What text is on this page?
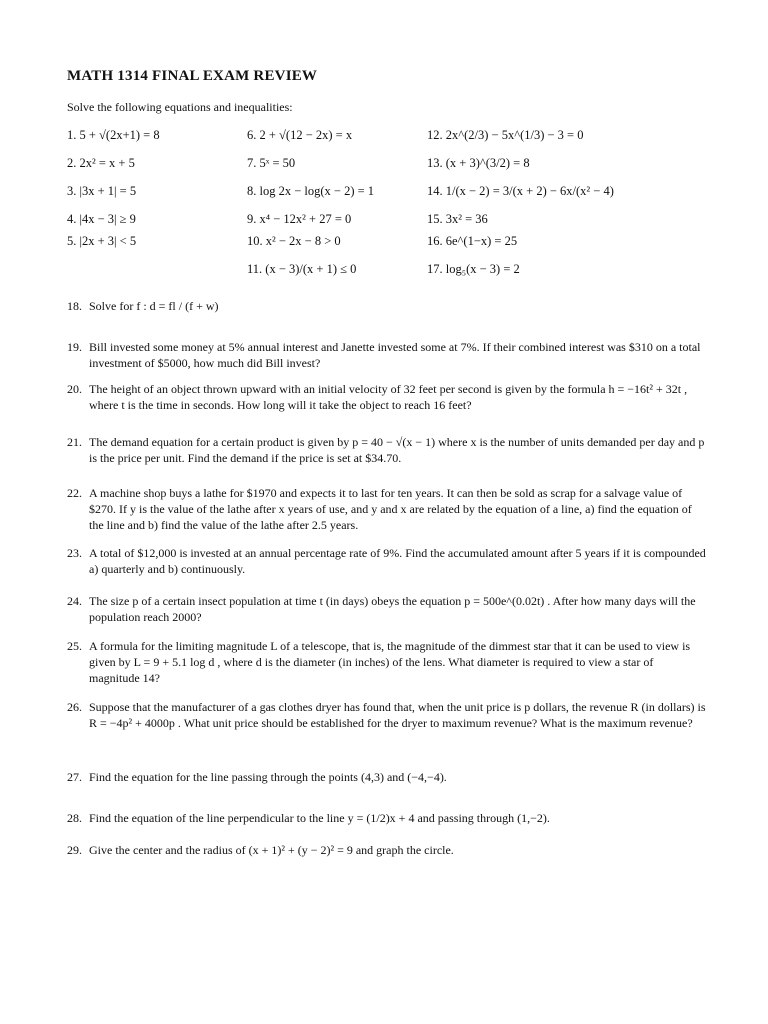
MATH 1314 FINAL EXAM REVIEW
Solve the following equations and inequalities:
1. 5 + √(2x+1) = 8
2. 2x² = x + 5
3. |3x + 1| = 5
4. |4x − 3| ≥ 9
5. |2x + 3| < 5
6. 2 + √(12 − 2x) = x
7. 5ˣ = 50
8. log 2x − log(x − 2) = 1
9. x⁴ − 12x² + 27 = 0
10. x² − 2x − 8 > 0
11. (x − 3)/(x + 1) ≤ 0
12. 2x^(2/3) − 5x^(1/3) − 3 = 0
13. (x + 3)^(3/2) = 8
14. 1/(x − 2) = 3/(x + 2) − 6x/(x² − 4)
15. 3x² = 36
16. 6e^(1−x) = 25
17. log₅(x − 3) = 2
18. Solve for f : d = fl / (f + w)
19. Bill invested some money at 5% annual interest and Janette invested some at 7%. If their combined interest was $310 on a total investment of $5000, how much did Bill invest?
20. The height of an object thrown upward with an initial velocity of 32 feet per second is given by the formula h = −16t² + 32t , where t is the time in seconds. How long will it take the object to reach 16 feet?
21. The demand equation for a certain product is given by p = 40 − √(x − 1) where x is the number of units demanded per day and p is the price per unit. Find the demand if the price is set at $34.70.
22. A machine shop buys a lathe for $1970 and expects it to last for ten years. It can then be sold as scrap for a salvage value of $270. If y is the value of the lathe after x years of use, and y and x are related by the equation of a line, a) find the equation of the line and b) find the value of the lathe after 2.5 years.
23. A total of $12,000 is invested at an annual percentage rate of 9%. Find the accumulated amount after 5 years if it is compounded a) quarterly and b) continuously.
24. The size p of a certain insect population at time t (in days) obeys the equation p = 500e^(0.02t) . After how many days will the population reach 2000?
25. A formula for the limiting magnitude L of a telescope, that is, the magnitude of the dimmest star that it can be used to view is given by L = 9 + 5.1 log d , where d is the diameter (in inches) of the lens. What diameter is required to view a star of magnitude 14?
26. Suppose that the manufacturer of a gas clothes dryer has found that, when the unit price is p dollars, the revenue R (in dollars) is R = −4p² + 4000p . What unit price should be established for the dryer to maximum revenue? What is the maximum revenue?
27. Find the equation for the line passing through the points (4,3) and (−4,−4).
28. Find the equation of the line perpendicular to the line y = (1/2)x + 4 and passing through (1,−2).
29. Give the center and the radius of (x + 1)² + (y − 2)² = 9 and graph the circle.
